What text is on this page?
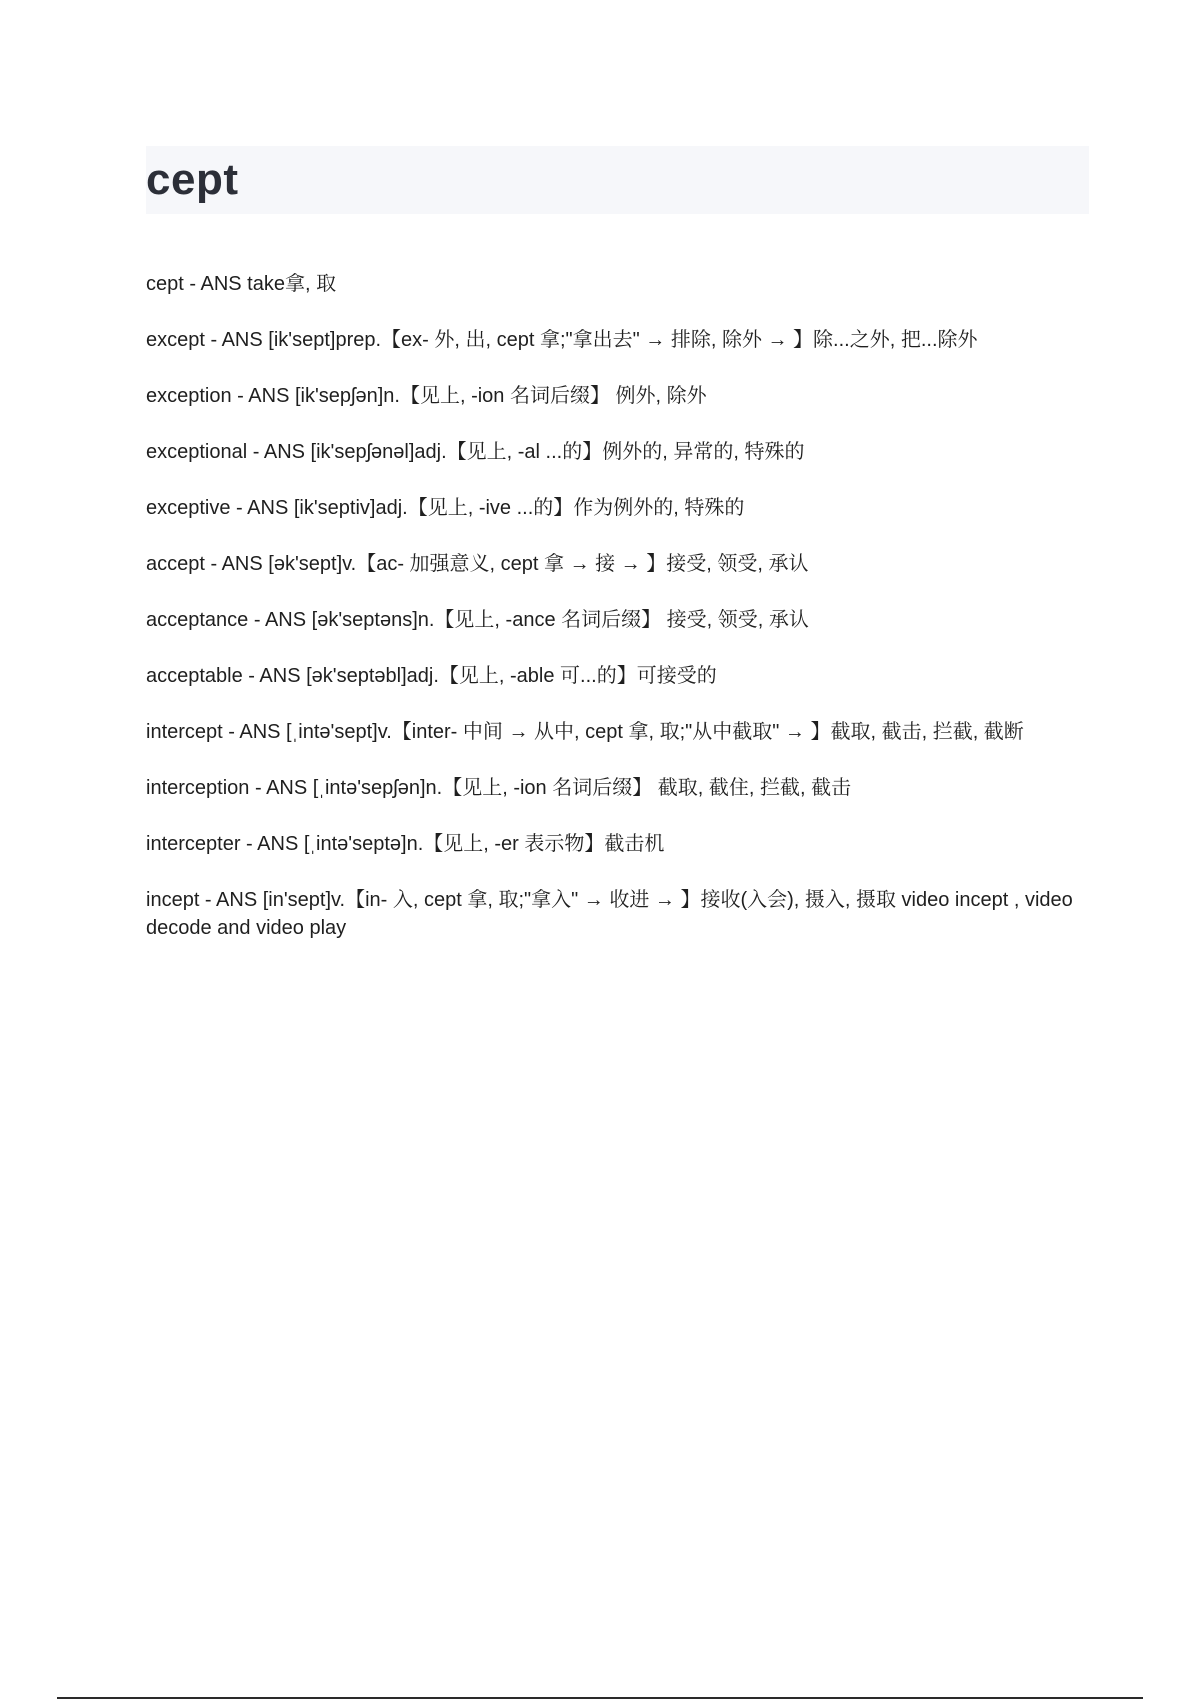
cept
cept - ANS take拿, 取
except - ANS [ik'sept]prep.【ex- 外, 出, cept 拿;"拿出去" → 排除, 除外 → 】除...之外, 把...除外
exception - ANS [ik'sepʃən]n.【见上, -ion 名词后缀】 例外, 除外
exceptional - ANS [ik'sepʃənəl]adj.【见上, -al ...的】例外的, 异常的, 特殊的
exceptive - ANS [ik'septiv]adj.【见上, -ive ...的】作为例外的, 特殊的
accept - ANS [ək'sept]v.【ac- 加强意义, cept 拿 → 接 → 】接受, 领受, 承认
acceptance - ANS [ək'septəns]n.【见上, -ance 名词后缀】 接受, 领受, 承认
acceptable - ANS [ək'septəbl]adj.【见上, -able 可...的】可接受的
intercept - ANS [ˌintə'sept]v.【inter- 中间 → 从中, cept 拿, 取;"从中截取" → 】截取, 截击, 拦截, 截断
interception - ANS [ˌintə'sepʃən]n.【见上, -ion 名词后缀】 截取, 截住, 拦截, 截击
intercepter - ANS [ˌintə'septə]n.【见上, -er 表示物】截击机
incept - ANS [in'sept]v.【in- 入, cept 拿, 取;"拿入" → 收进 → 】接收(入会), 摄入, 摄取 video incept , video decode and video play
